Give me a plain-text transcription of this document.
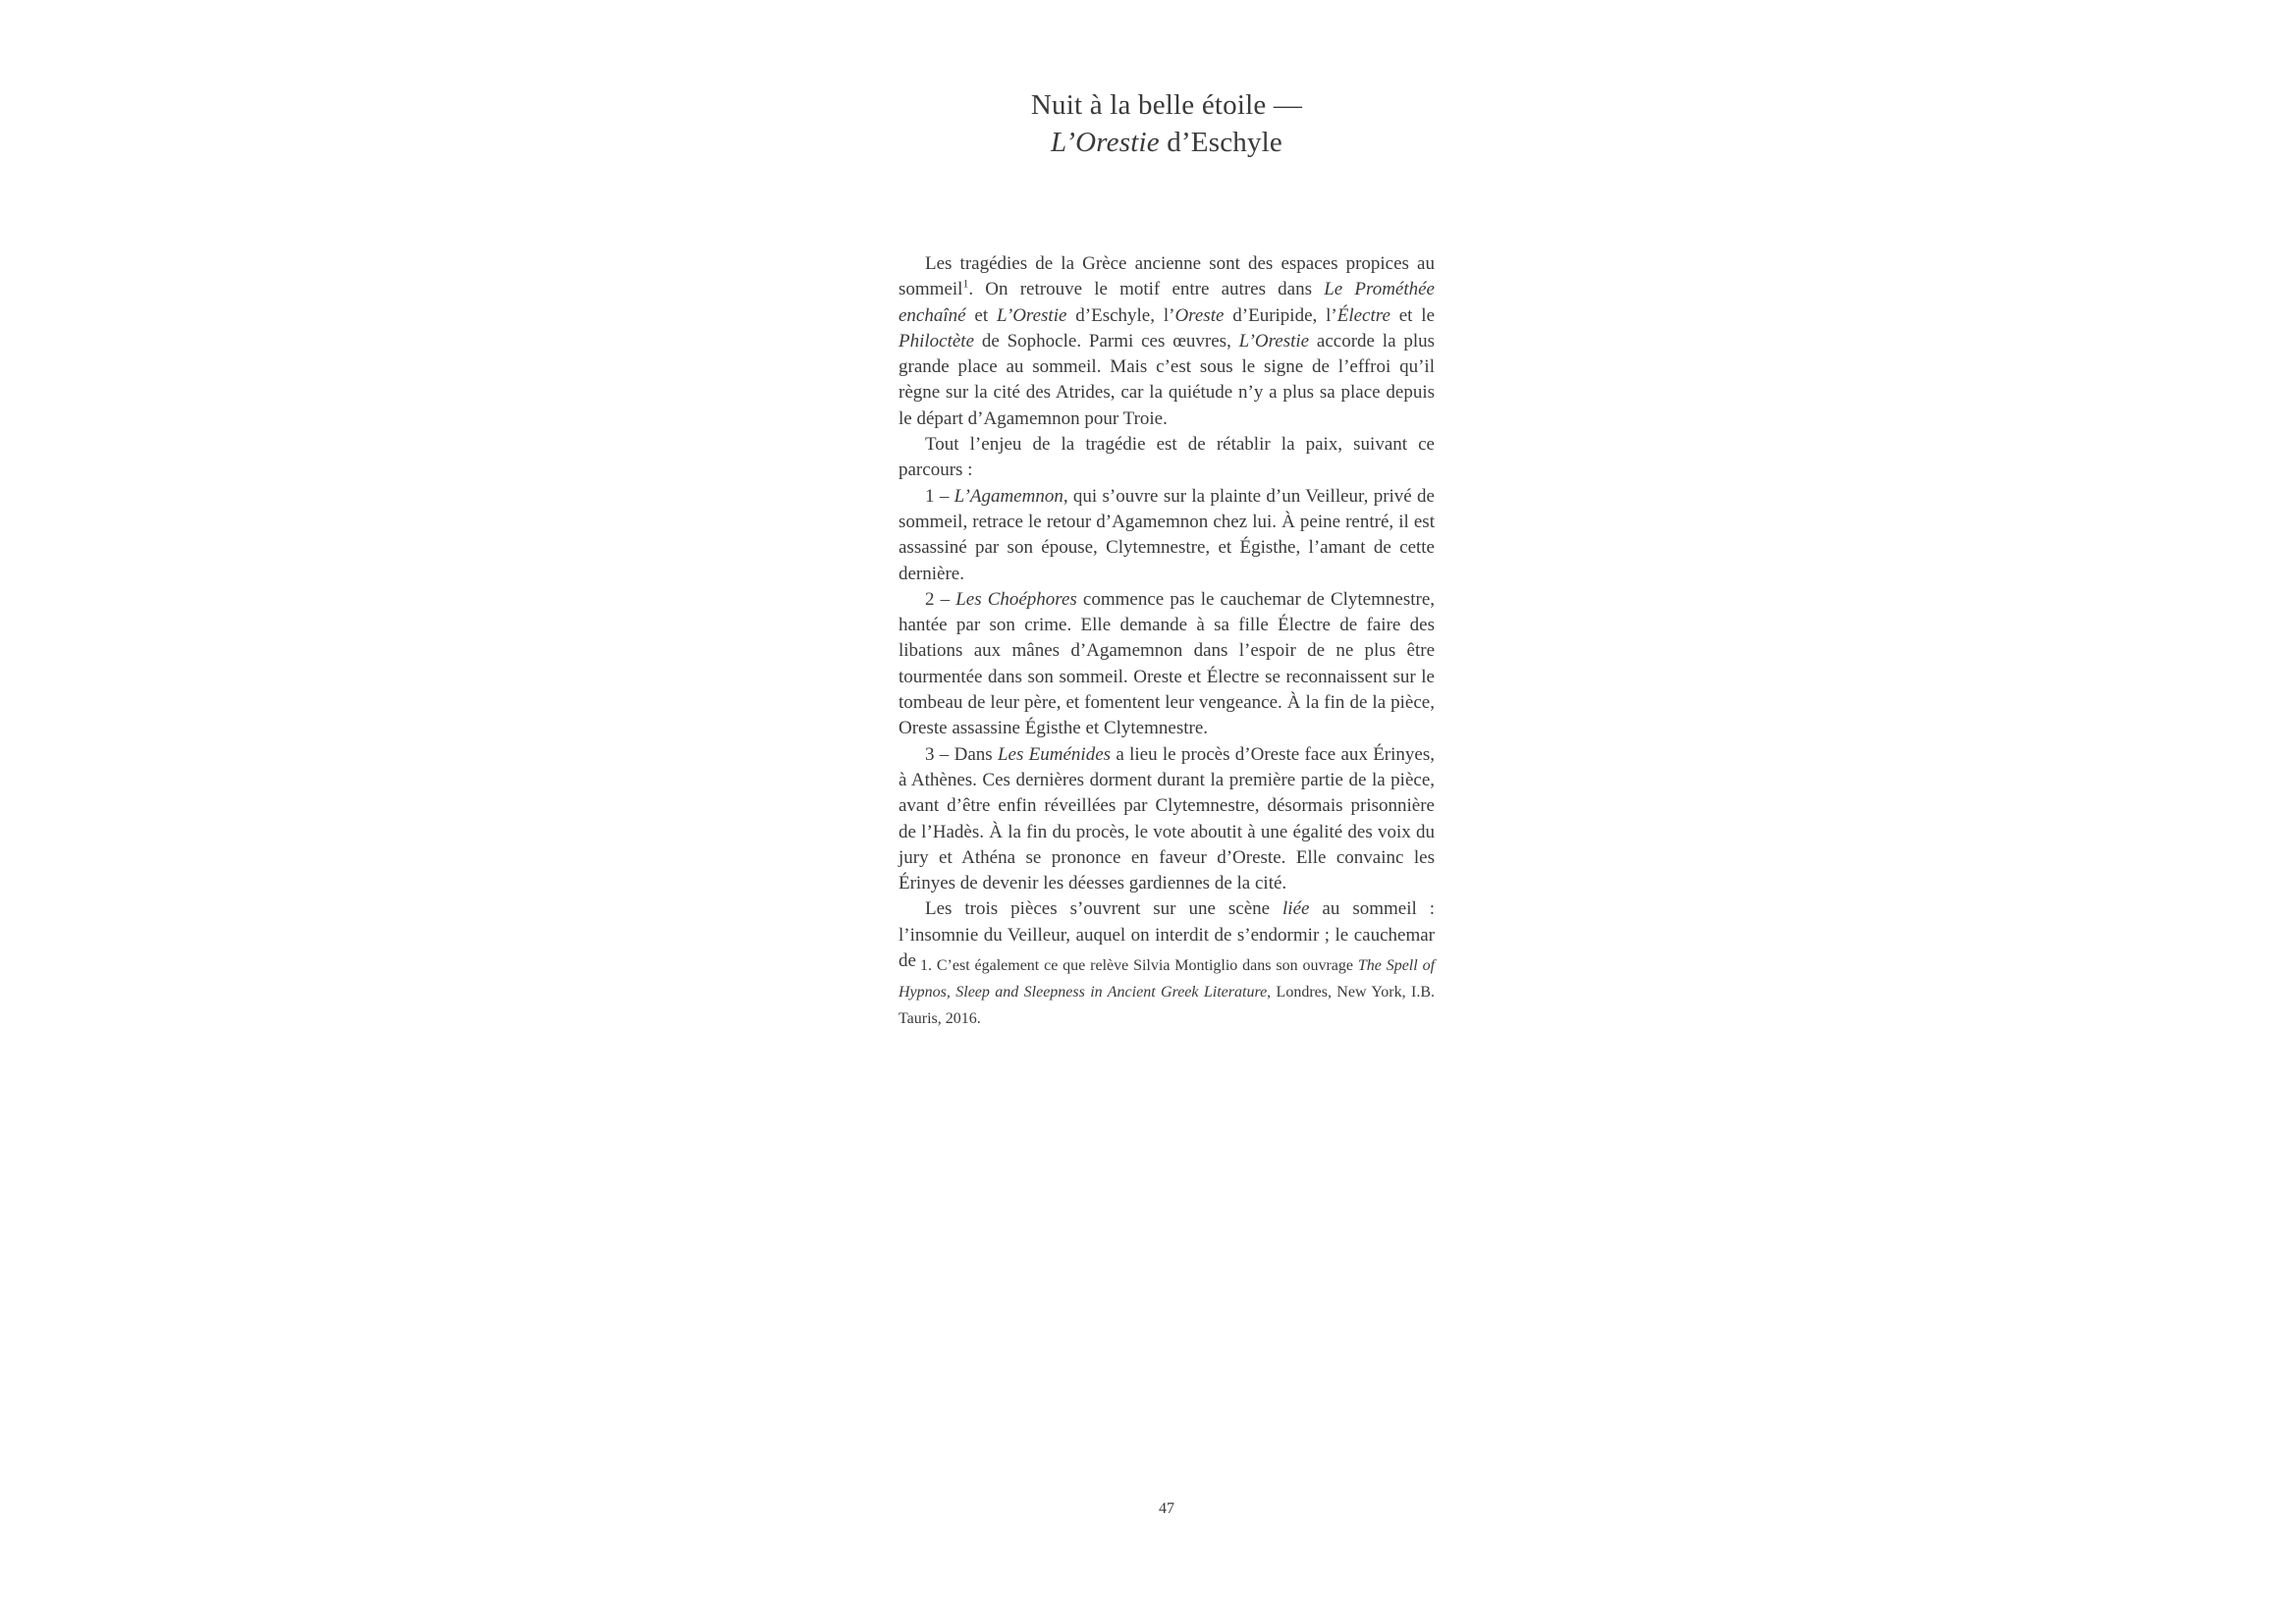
Nuit à la belle étoile —
L’Orestie d’Eschyle

Les tragédies de la Grèce ancienne sont des espaces propices au sommeil$^1$. On retrouve le motif entre autres dans Le Prométhée enchaîné et L’Orestie d’Eschyle, l’Oreste d’Euripide, l’Électre et le Philoctète de Sophocle. Parmi ces œuvres, L’Orestie accorde la plus grande place au sommeil. Mais c’est sous le signe de l’effroi qu’il règne sur la cité des Atrides, car la quiétude n’y a plus sa place depuis le départ d’Agamemnon pour Troie.

Tout l’enjeu de la tragédie est de rétablir la paix, suivant ce parcours :

1 – L’Agamemnon, qui s’ouvre sur la plainte d’un Veilleur, privé de sommeil, retrace le retour d’Agamemnon chez lui. À peine rentré, il est assassiné par son épouse, Clytemnestre, et Égisthe, l’amant de cette dernière.

2 – Les Choéphores commence pas le cauchemar de Clytemnestre, hantée par son crime. Elle demande à sa fille Électre de faire des libations aux mânes d’Agamemnon dans l’espoir de ne plus être tourmentée dans son sommeil. Oreste et Électre se reconnaissent sur le tombeau de leur père, et fomentent leur vengeance. À la fin de la pièce, Oreste assassine Égisthe et Clytemnestre.

3 – Dans Les Euménides a lieu le procès d’Oreste face aux Érinyes, à Athènes. Ces dernières dorment durant la première partie de la pièce, avant d’être enfin réveillées par Clytemnestre, désormais prisonnière de l’Hadès. À la fin du procès, le vote aboutit à une égalité des voix du jury et Athéna se prononce en faveur d’Oreste. Elle convainc les Érinyes de devenir les déesses gardiennes de la cité.

Les trois pièces s’ouvrent sur une scène liée au sommeil : l’insomnie du Veilleur, auquel on interdit de s’endormir ; le cauchemar de 1. C’est également ce que relève Silvia Montiglio dans son ouvrage The Spell of Hypnos, Sleep and Sleepness in Ancient Greek Literature, Londres, New York, I.B. Tauris, 2016.
47
